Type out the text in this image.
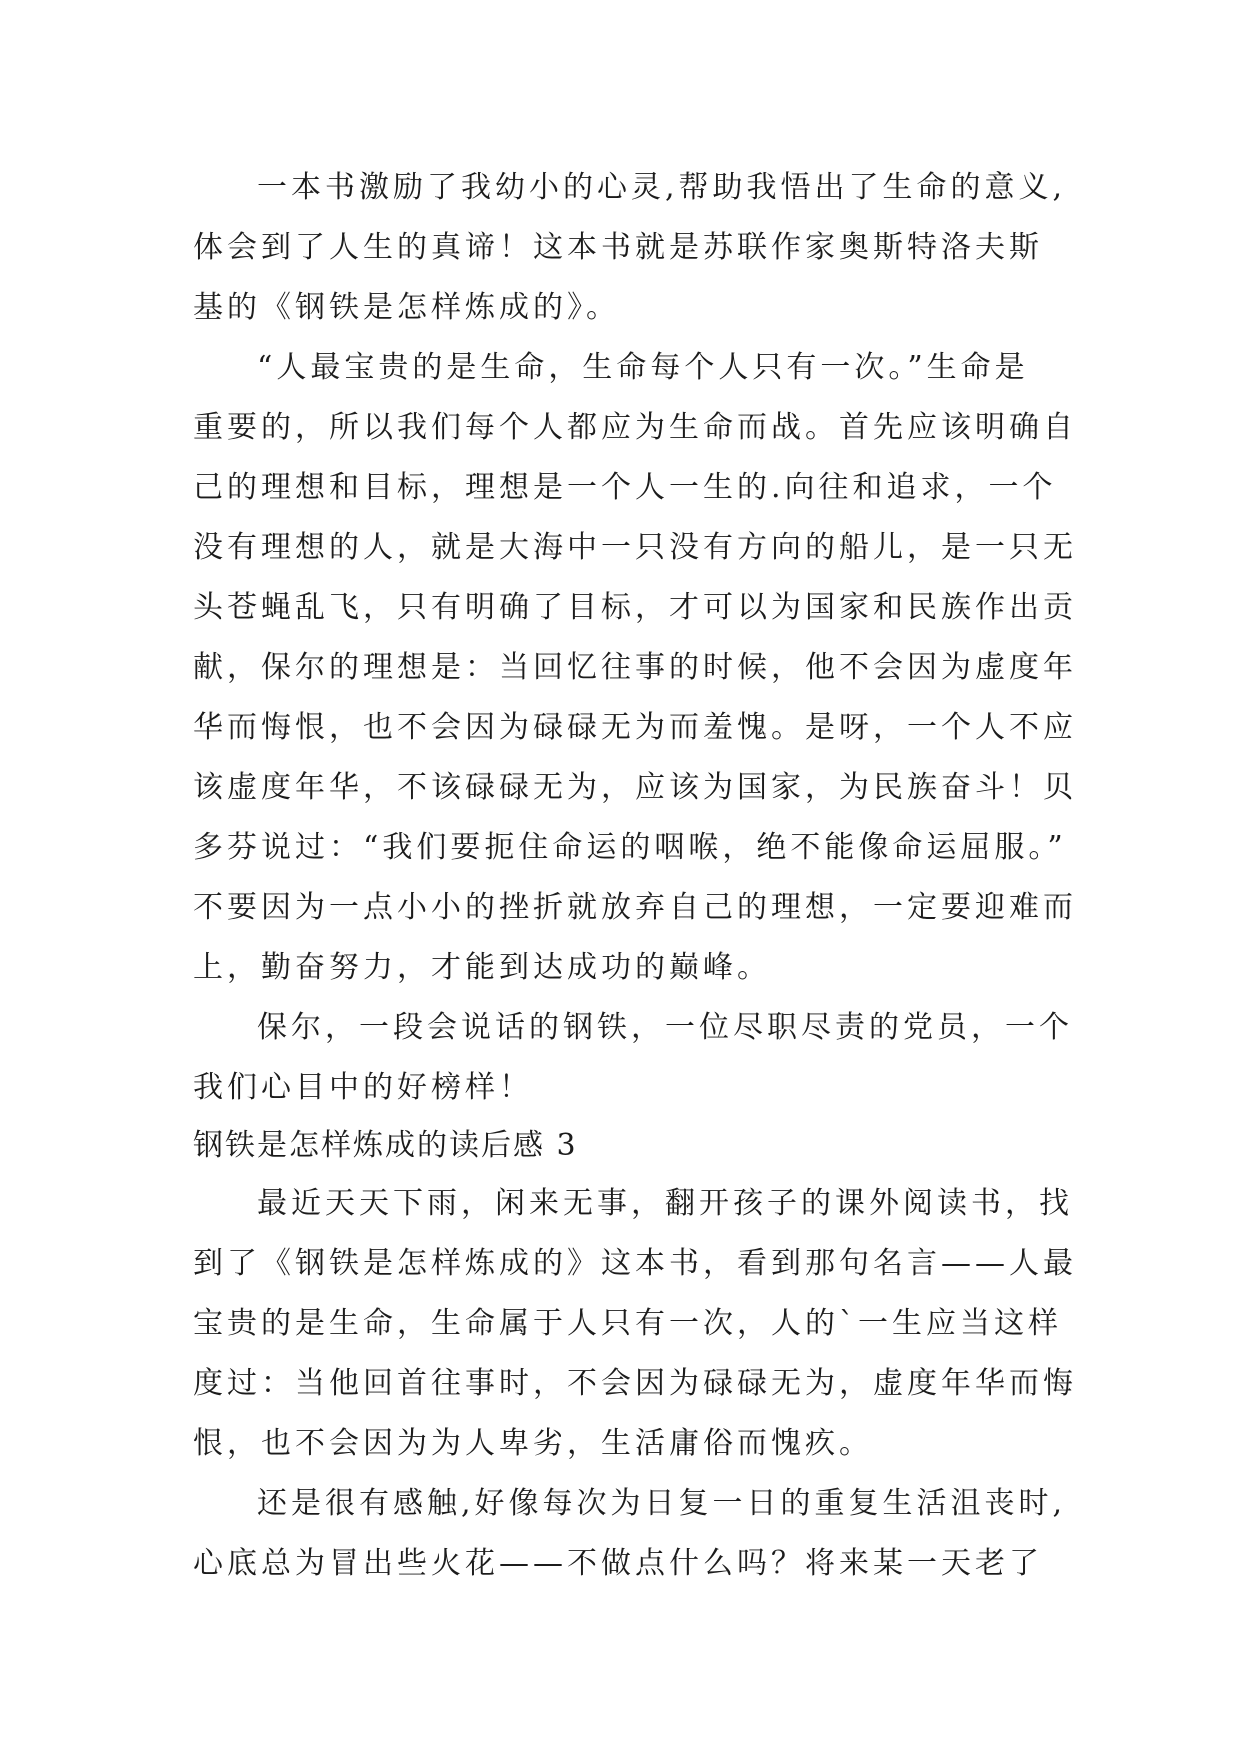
一本书激励了我幼小的心灵,帮助我悟出了生命的意义,
体会到了人生的真谛！这本书就是苏联作家奥斯特洛夫斯
基的《钢铁是怎样炼成的》。
“人最宝贵的是生命，生命每个人只有一次。”生命是
重要的，所以我们每个人都应为生命而战。首先应该明确自
己的理想和目标，理想是一个人一生的.向往和追求，一个
没有理想的人，就是大海中一只没有方向的船儿，是一只无
头苍蝇乱飞，只有明确了目标，才可以为国家和民族作出贡
献，保尔的理想是：当回忆往事的时候，他不会因为虚度年
华而悔恨，也不会因为碌碌无为而羞愧。是呀，一个人不应
该虚度年华，不该碌碌无为，应该为国家，为民族奋斗！贝
多芬说过：“我们要扼住命运的咽喉，绝不能像命运屈服。”
不要因为一点小小的挫折就放弃自己的理想，一定要迎难而
上，勤奋努力，才能到达成功的巅峰。
保尔，一段会说话的钢铁，一位尽职尽责的党员，一个
我们心目中的好榜样！
钢铁是怎样炼成的读后感 3
最近天天下雨，闲来无事，翻开孩子的课外阅读书，找
到了《钢铁是怎样炼成的》这本书，看到那句名言——人最
宝贵的是生命，生命属于人只有一次，人的`一生应当这样
度过：当他回首往事时，不会因为碌碌无为，虚度年华而悔
恨，也不会因为为人卑劣，生活庸俗而愧疚。
还是很有感触,好像每次为日复一日的重复生活沮丧时,
心底总为冒出些火花——不做点什么吗？将来某一天老了
